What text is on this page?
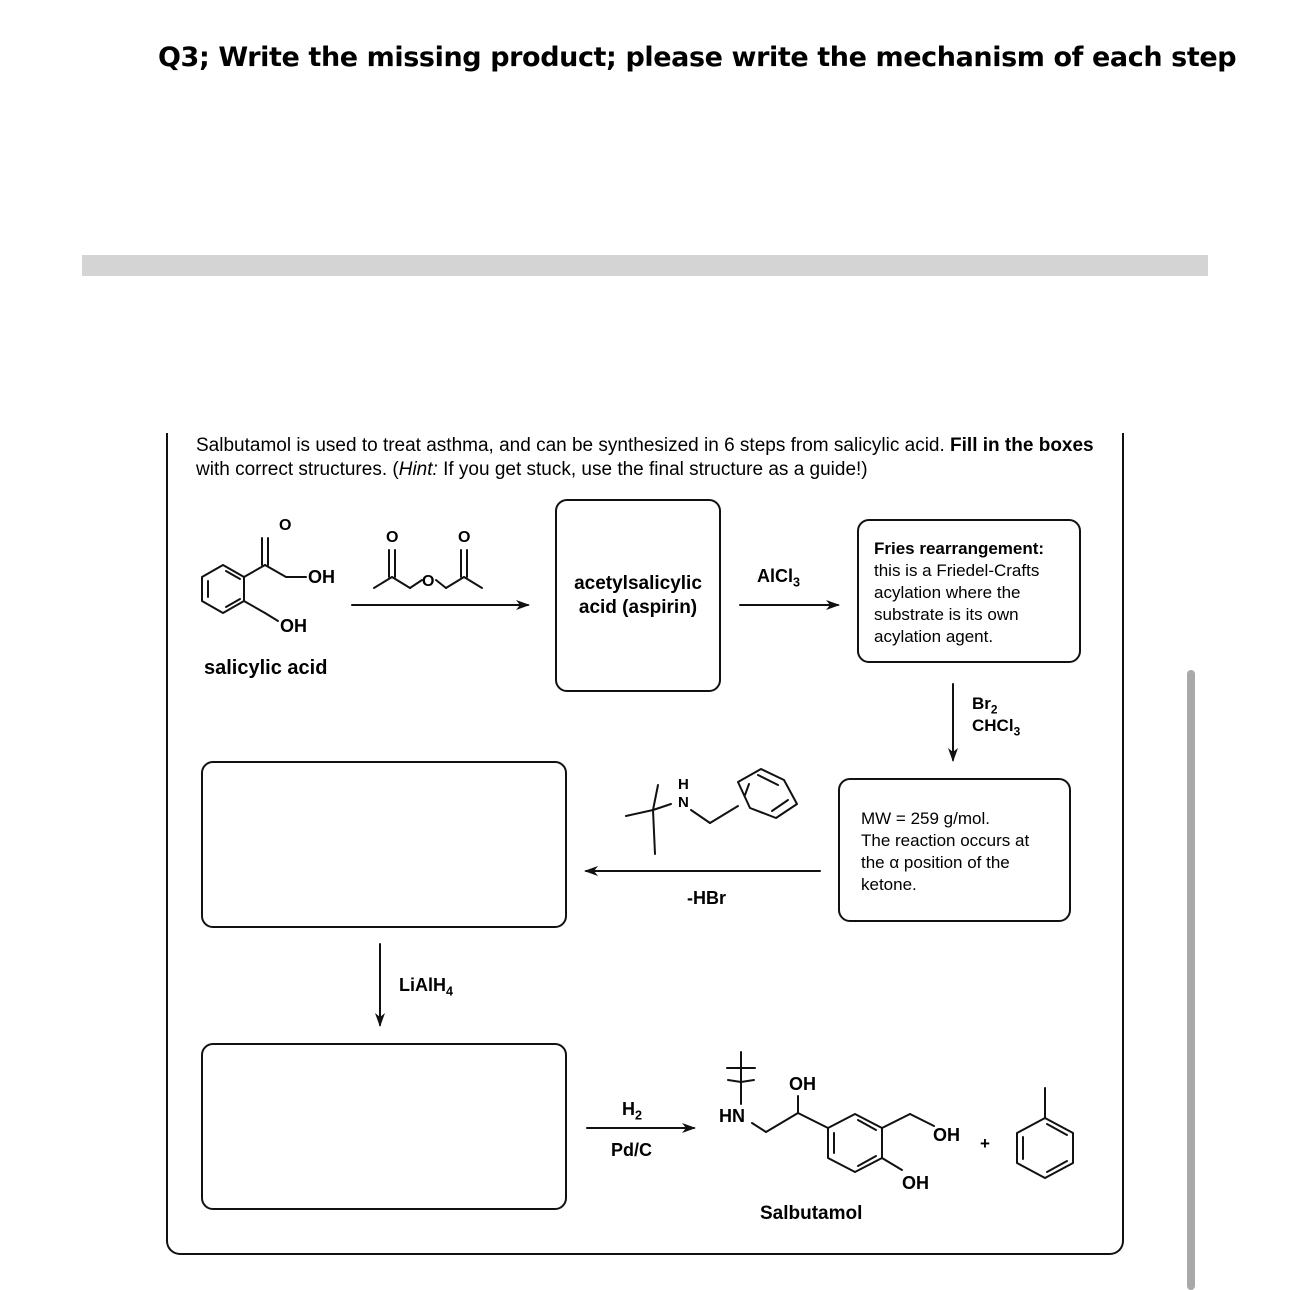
Q3; Write the missing product; please write the mechanism of each step
Salbutamol is used to treat asthma, and can be synthesized in 6 steps from salicylic acid. Fill in the boxes with correct structures. (Hint: If you get stuck, use the final structure as a guide!)
O
OH
OH
salicylic acid
O
O
O
acetylsalicylic
acid (aspirin)
AlCl$_3$
Fries rearrangement:
this is a Friedel-Crafts
acylation where the
substrate is its own
acylation agent.
$Br_2$
CHCl$_3$
MW = 259 g/mol.
The reaction occurs at
the α position of the
ketone.
H
N
-HBr
LiAlH$_4$
$H_2$
Pd/C
HN
OH
OH
OH
+
Salbutamol
